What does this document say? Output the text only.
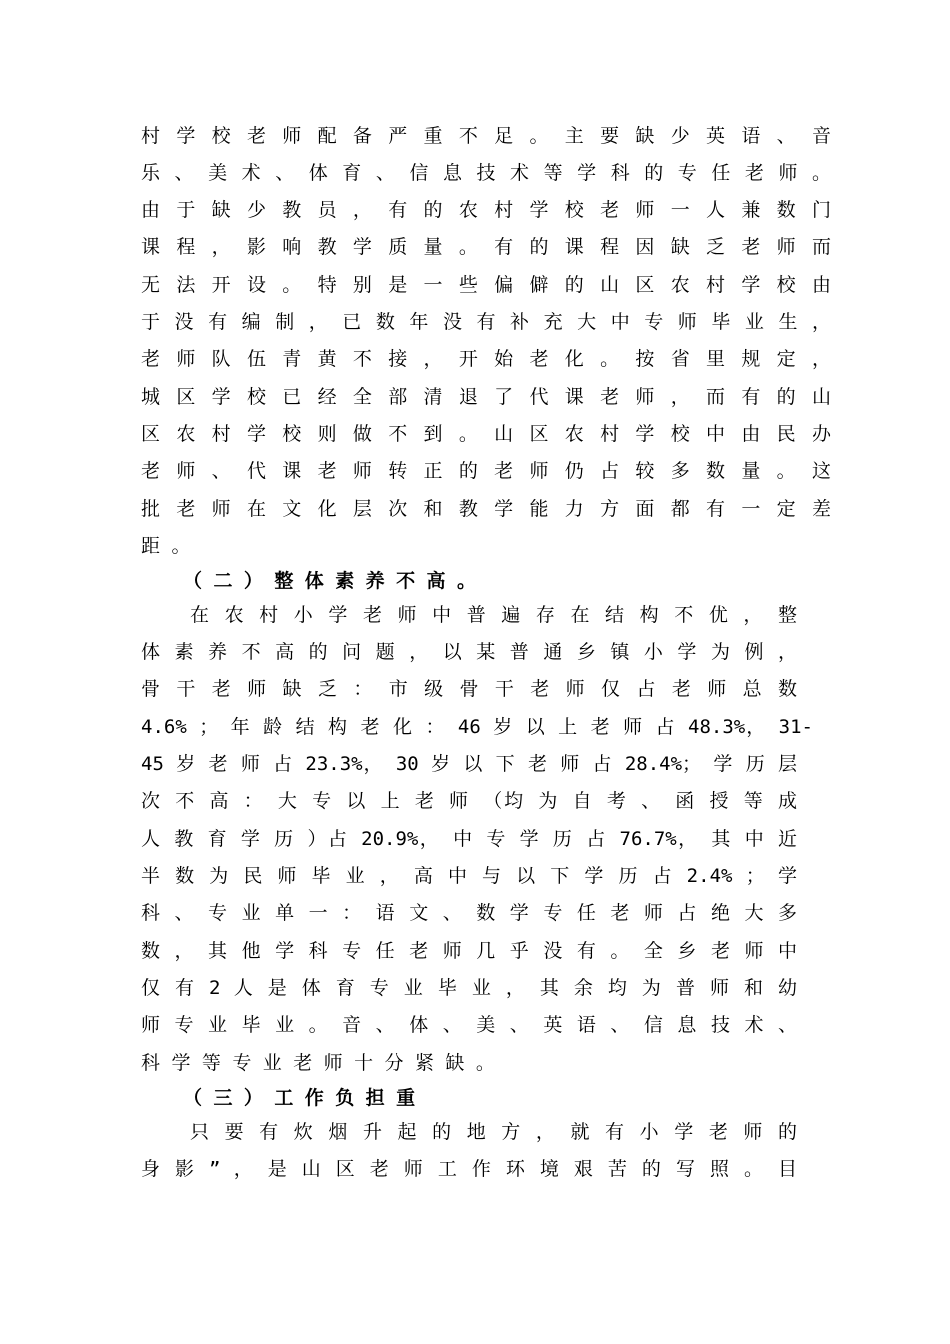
村 学 校 老 师 配 备 严 重 不 足 。 主 要 缺 少 英 语 、 音
乐 、 美 术 、 体 育 、 信 息 技 术 等 学 科 的 专 任 老 师 。
由 于 缺 少 教 员 ， 有 的 农 村 学 校 老 师 一 人 兼 数 门
课 程 ， 影 响 教 学 质 量 。 有 的 课 程 因 缺 乏 老 师 而
无 法 开 设 。 特 别 是 一 些 偏 僻 的 山 区 农 村 学 校 由
于 没 有 编 制 ， 已 数 年 没 有 补 充 大 中 专 师 毕 业 生 ，
老 师 队 伍 青 黄 不 接 ， 开 始 老 化 。 按 省 里 规 定 ，
城 区 学 校 已 经 全 部 清 退 了 代 课 老 师 ， 而 有 的 山
区 农 村 学 校 则 做 不 到 。 山 区 农 村 学 校 中 由 民 办
老 师 、 代 课 老 师 转 正 的 老 师 仍 占 较 多 数 量 。 这
批 老 师 在 文 化 层 次 和 教 学 能 力 方 面 都 有 一 定 差
距 。
（ 二 ） 整 体 素 养 不 高 。
在 农 村 小 学 老 师 中 普 遍 存 在 结 构 不 优 ， 整
体 素 养 不 高 的 问 题 ， 以 某 普 通 乡 镇 小 学 为 例 ，
骨 干 老 师 缺 乏 ： 市 级 骨 干 老 师 仅 占 老 师 总 数
4.6% ； 年 龄 结 构 老 化 ： 46 岁 以 上 老 师 占 48.3%， 31-
45 岁 老 师 占 23.3%， 30 岁 以 下 老 师 占 28.4%； 学 历 层
次 不 高 ： 大 专 以 上 老 师 （均 为 自 考 、 函 授 等 成
人 教 育 学 历 ）占 20.9%， 中 专 学 历 占 76.7%， 其 中 近
半 数 为 民 师 毕 业 ， 高 中 与 以 下 学 历 占 2.4% ； 学
科 、 专 业 单 一 ： 语 文 、 数 学 专 任 老 师 占 绝 大 多
数 ， 其 他 学 科 专 任 老 师 几 乎 没 有 。 全 乡 老 师 中
仅 有 2 人 是 体 育 专 业 毕 业 ， 其 余 均 为 普 师 和 幼
师 专 业 毕 业 。 音 、 体 、 美 、 英 语 、 信 息 技 术 、
科 学 等 专 业 老 师 十 分 紧 缺 。
（ 三 ） 工 作 负 担 重
只 要 有 炊 烟 升 起 的 地 方 ， 就 有 小 学 老 师 的
身 影 ” ， 是 山 区 老 师 工 作 环 境 艰 苦 的 写 照 。 目
